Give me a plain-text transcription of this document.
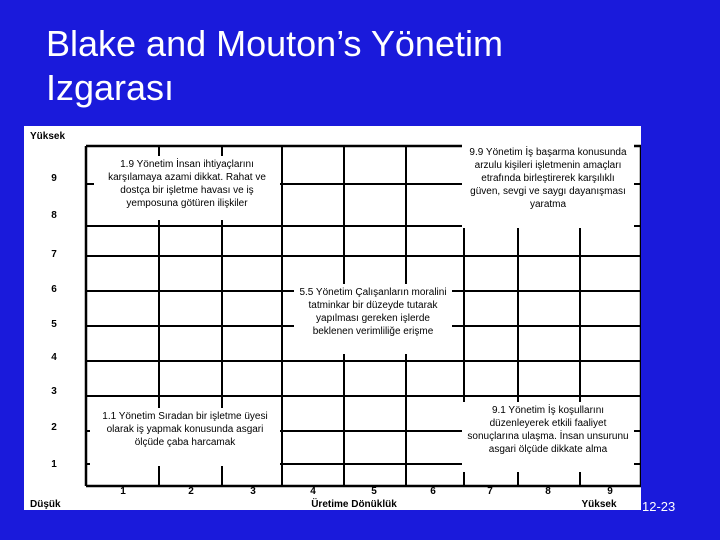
Blake and Mouton’s Yönetim Izgarası
9
8
7
6
5
4
3
2
1
1	2	3	4	5	6	7	8	9
Yüksek
Düşük	Üretime Dönüklük	Yüksek
1.9 Yönetim İnsan ihtiyaçlarını karşılamaya azami dikkat. Rahat ve dostça bir işletme havası ve iş yemposuna götüren ilişkiler
9.9 Yönetim İş başarma konusunda arzulu kişileri işletmenin amaçları etrafında birleştirerek karşılıklı güven, sevgi ve saygı dayanışması yaratma
5.5 Yönetim Çalışanların moralini tatminkar bir düzeyde tutarak yapılması gereken işlerde beklenen verimliliğe erişme
1.1 Yönetim Sıradan bir işletme üyesi olarak iş yapmak konusunda asgari ölçüde çaba harcamak
9.1 Yönetim İş koşullarını düzenleyerek etkili faaliyet sonuçlarına ulaşma. İnsan unsurunu asgari ölçüde dikkate alma
12-23
